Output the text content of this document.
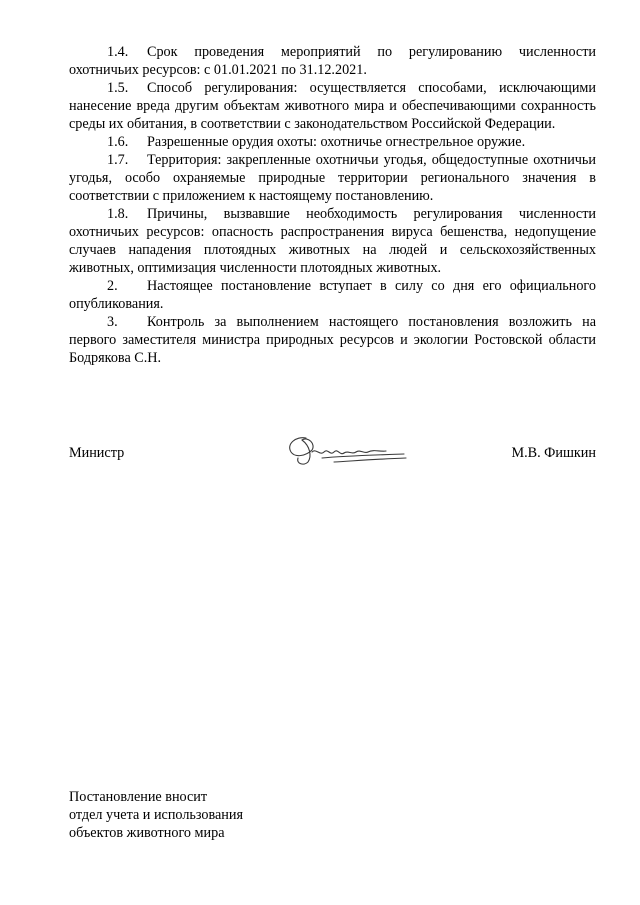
1.4. Срок проведения мероприятий по регулированию численности охотничьих ресурсов: с 01.01.2021 по 31.12.2021.

1.5. Способ регулирования: осуществляется способами, исключающими нанесение вреда другим объектам животного мира и обеспечивающими сохранность среды их обитания, в соответствии с законодательством Российской Федерации.

1.6. Разрешенные орудия охоты: охотничье огнестрельное оружие.

1.7. Территория: закрепленные охотничьи угодья, общедоступные охотничьи угодья, особо охраняемые природные территории регионального значения в соответствии с приложением к настоящему постановлению.

1.8. Причины, вызвавшие необходимость регулирования численности охотничьих ресурсов: опасность распространения вируса бешенства, недопущение случаев нападения плотоядных животных на людей и сельскохозяйственных животных, оптимизация численности плотоядных животных.

2. Настоящее постановление вступает в силу со дня его официального опубликования.

3. Контроль за выполнением настоящего постановления возложить на первого заместителя министра природных ресурсов и экологии Ростовской области Бодрякова С.Н.

Министр	М.В. Фишкин
Постановление вносит
отдел учета и использования
объектов животного мира
